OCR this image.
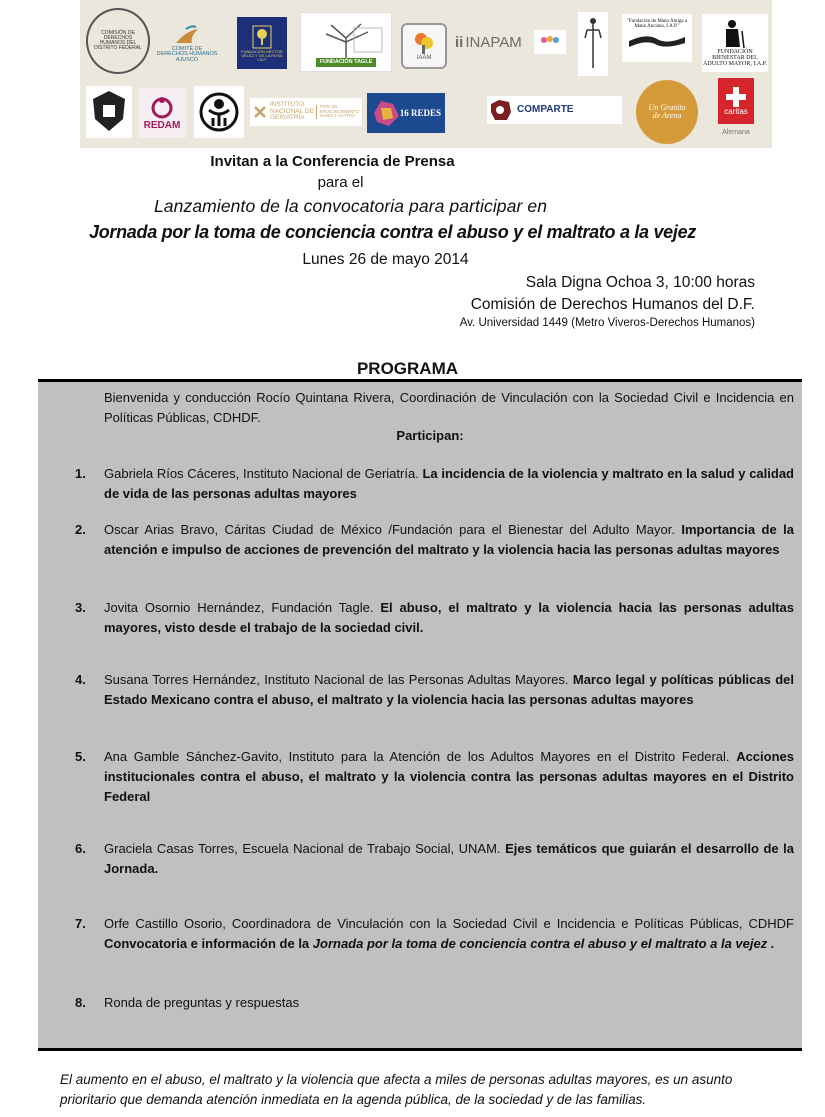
COMISIÓN DE DERECHOS HUMANOS DEL DISTRITO FEDERAL	COMITÉ DE DERECHOS HUMANOS AJUSCO
FUNDACIÓN HÉCTOR VÉLEZ Y DE LA ROSA I.A.P.	FUNDACIÓN TAGLE
IAAM
ii INAPAM
"Fundación de Mano Amiga a Mano Anciana, I.A.P."
FUNDACIÓN BIENESTAR DEL ADULTO MAYOR, I.A.P.
REDAM
INSTITUTO NACIONAL DE GERIATRÍA
POR UN ENVEJECIMIENTO SANO Y ACTIVO	16 REDES	COMPARTE	Un Granito de Arena	caritas
Alemana
Invitan a la Conferencia de Prensa
para el
Lanzamiento de la convocatoria para participar en
Jornada por la toma de conciencia contra el abuso y el maltrato a la vejez
Lunes 26 de mayo 2014
Sala Digna Ochoa 3, 10:00 horas
Comisión de Derechos Humanos del D.F.
Av. Universidad 1449 (Metro Viveros-Derechos Humanos)
PROGRAMA
Bienvenida y conducción Rocío Quintana Rivera, Coordinación de Vinculación con la Sociedad Civil e Incidencia en Políticas Públicas, CDHDF.
Participan:
1. Gabriela Ríos Cáceres, Instituto Nacional de Geriatría. La incidencia de la violencia y maltrato en la salud y calidad de vida de las personas adultas mayores
2. Oscar Arias Bravo, Cáritas Ciudad de México /Fundación para el Bienestar del Adulto Mayor. Importancia de la atención e impulso de acciones de prevención del maltrato y la violencia hacia las personas adultas mayores
3. Jovita Osornio Hernández, Fundación Tagle. El abuso, el maltrato y la violencia hacia las personas adultas mayores, visto desde el trabajo de la sociedad civil.
4. Susana Torres Hernández, Instituto Nacional de las Personas Adultas Mayores. Marco legal y políticas públicas del Estado Mexicano contra el abuso, el maltrato y la violencia hacia las personas adultas mayores
5. Ana Gamble Sánchez-Gavito, Instituto para la Atención de los Adultos Mayores en el Distrito Federal. Acciones institucionales contra el abuso, el maltrato y la violencia contra las personas adultas mayores en el Distrito Federal
6. Graciela Casas Torres, Escuela Nacional de Trabajo Social, UNAM. Ejes temáticos que guiarán el desarrollo de la Jornada.
7. Orfe Castillo Osorio, Coordinadora de Vinculación con la Sociedad Civil e Incidencia e Políticas Públicas, CDHDF Convocatoria e información de la Jornada por la toma de conciencia contra el abuso y el maltrato a la vejez .
8. Ronda de preguntas y respuestas
El aumento en el abuso, el maltrato y la violencia que afecta a miles de personas adultas mayores, es un asunto prioritario que demanda atención inmediata en la agenda pública, de la sociedad y de las familias.
